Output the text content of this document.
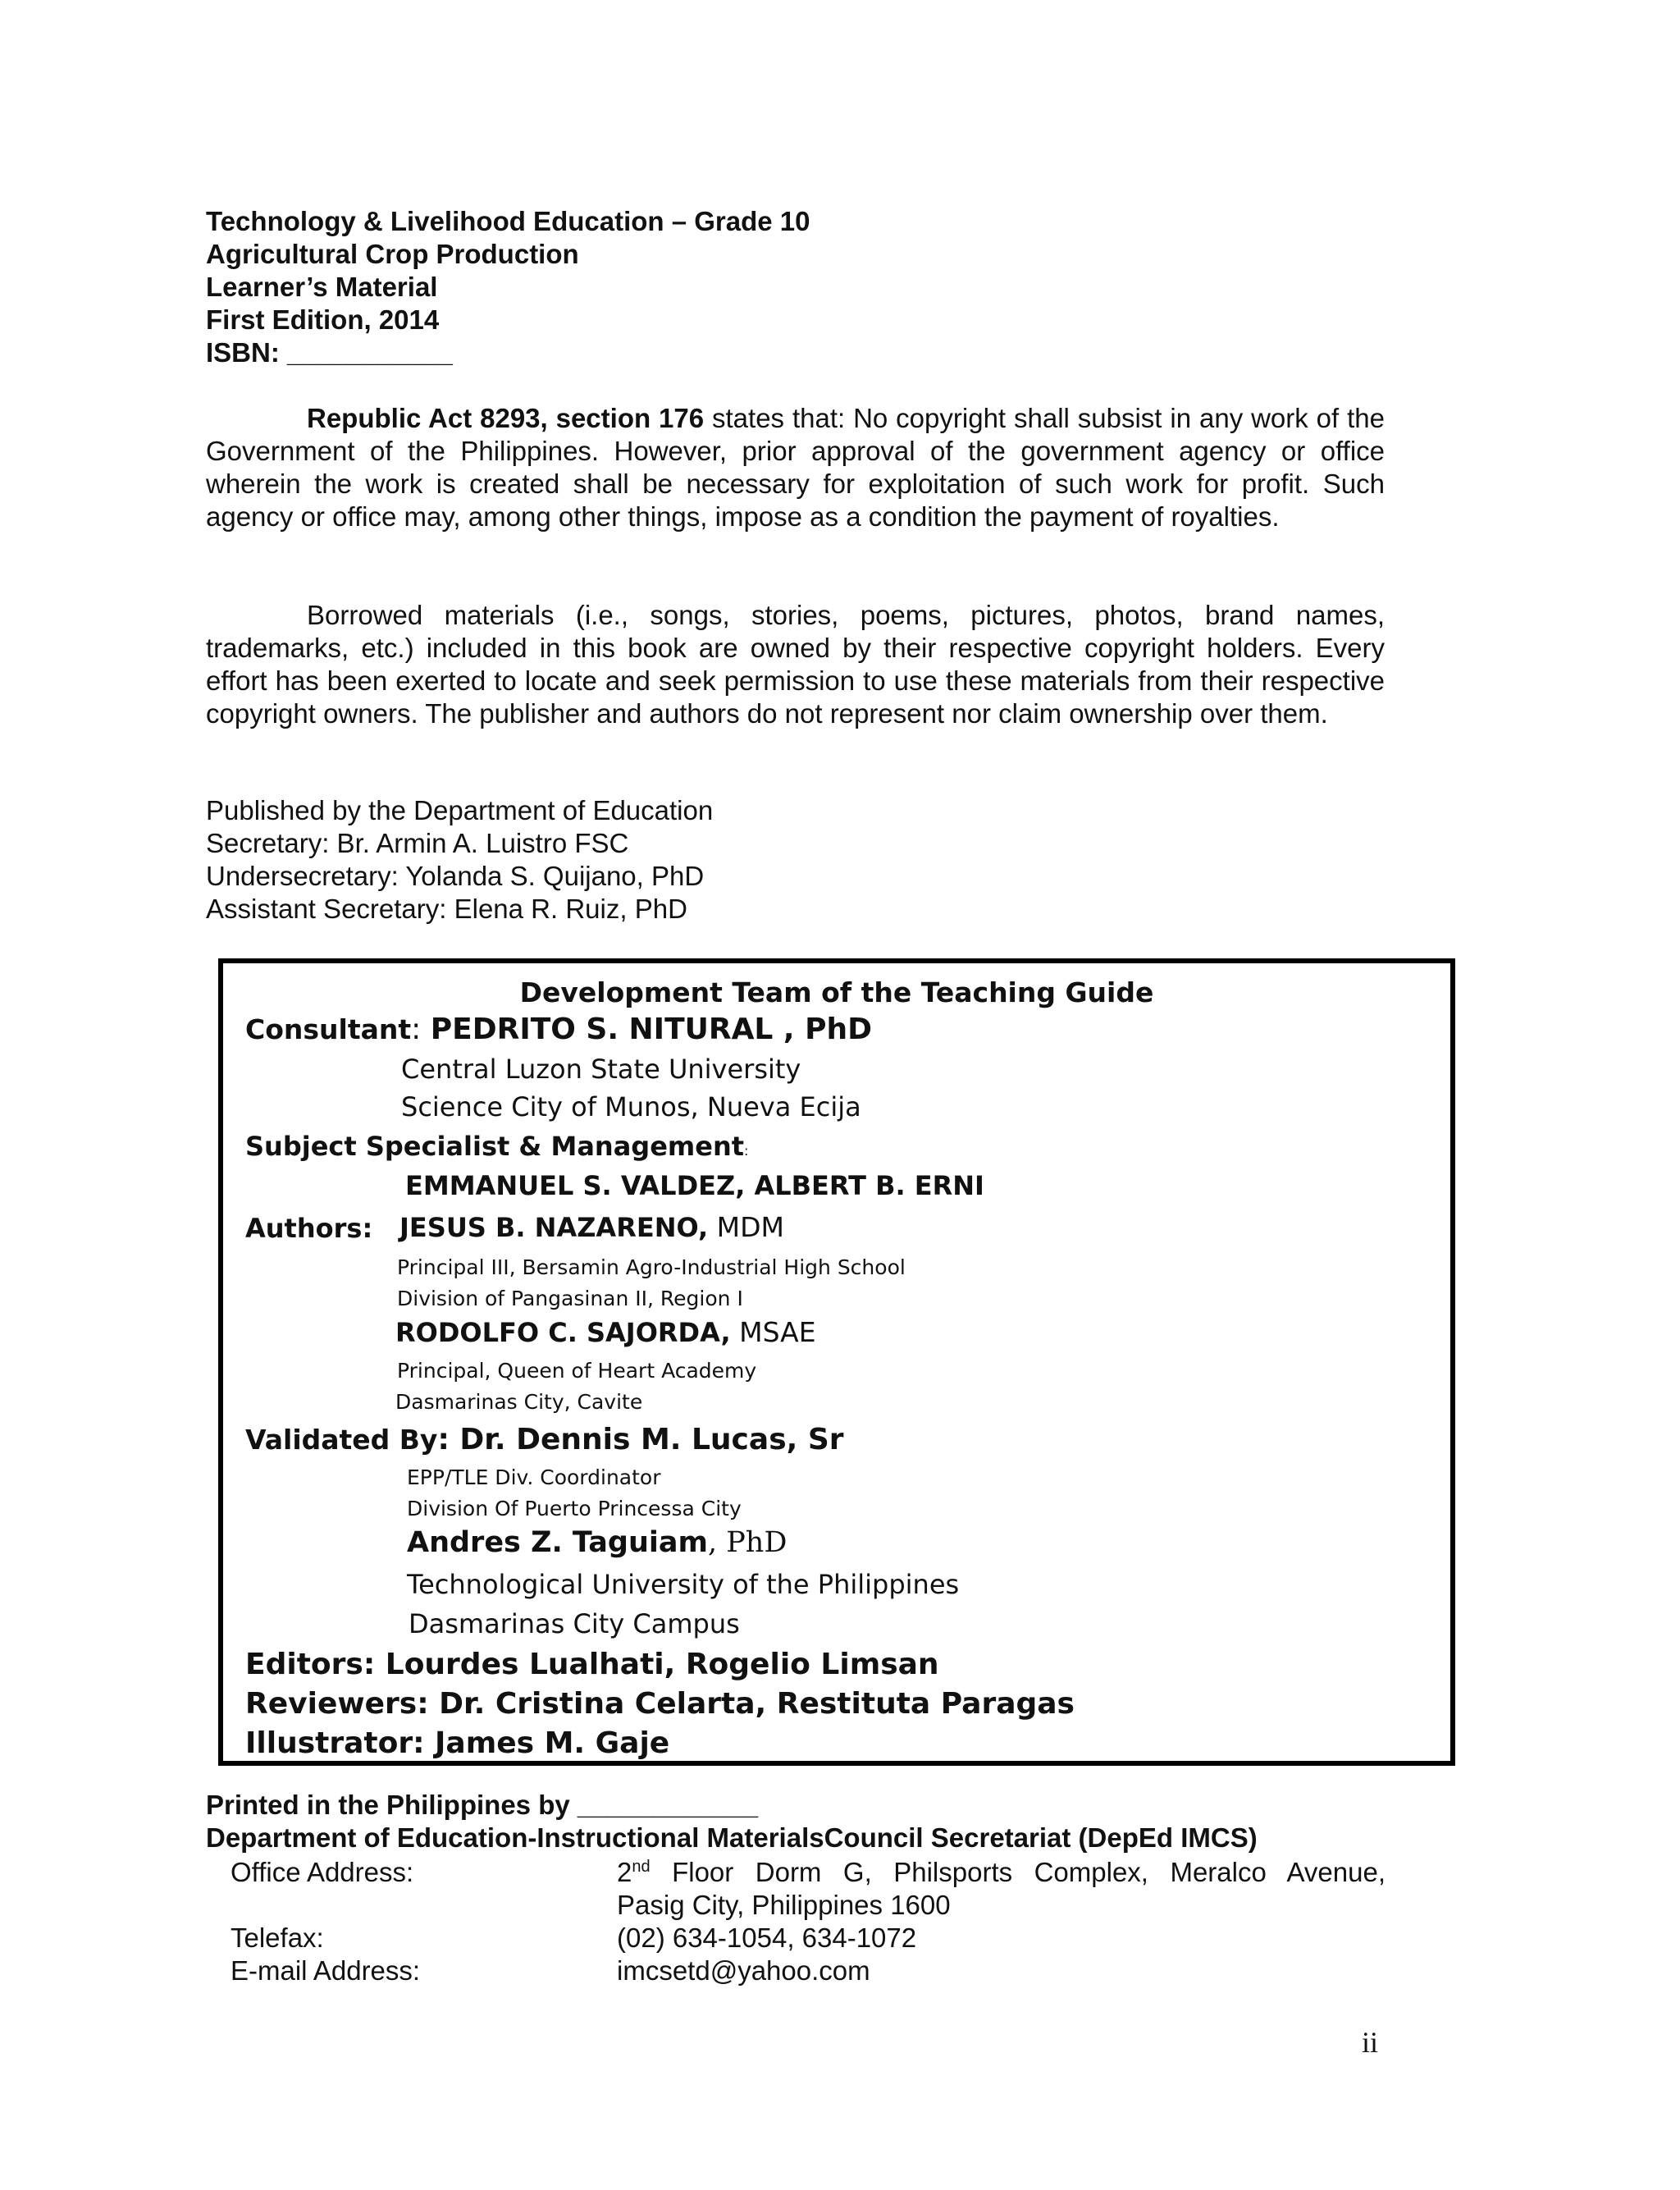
Technology & Livelihood Education – Grade 10
Agricultural Crop Production
Learner’s Material
First Edition, 2014
ISBN: ___________
Republic Act 8293, section 176 states that: No copyright shall subsist in any work of the Government of the Philippines. However, prior approval of the government agency or office wherein the work is created shall be necessary for exploitation of such work for profit. Such agency or office may, among other things, impose as a condition the payment of royalties.
Borrowed materials (i.e., songs, stories, poems, pictures, photos, brand names, trademarks, etc.) included in this book are owned by their respective copyright holders. Every effort has been exerted to locate and seek permission to use these materials from their respective copyright owners. The publisher and authors do not represent nor claim ownership over them.
Published by the Department of Education
Secretary: Br. Armin A. Luistro FSC
Undersecretary: Yolanda S. Quijano, PhD
Assistant Secretary: Elena R. Ruiz, PhD
Development Team of the Teaching Guide
Consultant: PEDRITO S. NITURAL , PhD
Central Luzon State University
Science City of Munos, Nueva Ecija
Subject Specialist & Management:
EMMANUEL S. VALDEZ, ALBERT B. ERNI
Authors: JESUS B. NAZARENO, MDM
Principal III, Bersamin Agro-Industrial High School
Division of Pangasinan II, Region I
RODOLFO C. SAJORDA, MSAE
Principal, Queen of Heart Academy
Dasmarinas City, Cavite
Validated By: Dr. Dennis M. Lucas, Sr
EPP/TLE Div. Coordinator
Division Of Puerto Princessa City
Andres Z. Taguiam, PhD
Technological University of the Philippines
Dasmarinas City Campus
Editors: Lourdes Lualhati, Rogelio Limsan
Reviewers: Dr. Cristina Celarta, Restituta Paragas
Illustrator: James M. Gaje
Printed in the Philippines by ____________
Department of Education-Instructional MaterialsCouncil Secretariat (DepEd IMCS)
Office Address:	2nd Floor Dorm G, Philsports Complex, Meralco Avenue,
Pasig City, Philippines 1600
Telefax:	(02) 634-1054, 634-1072
E-mail Address:	imcsetd@yahoo.com
ii
